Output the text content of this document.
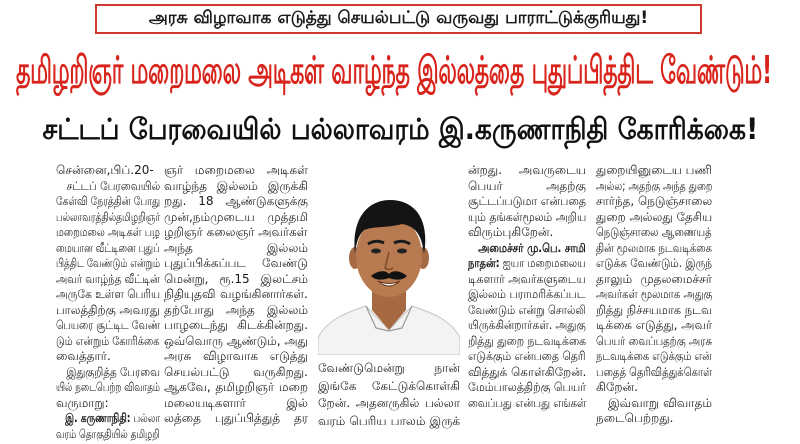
அரசு விழாவாக எடுத்து செயல்பட்டு வருவது பாராட்டுக்குரியது!
தமிழறிஞர் மறைமலை அடிகள் வாழ்ந்த இல்லத்தை புதுப்பித்திட வேண்டும்!
சட்டப் பேரவையில் பல்லாவரம் இ.கருணாநிதி கோரிக்கை!
சென்னை,பிப்.20-
சட்டப் பேரவையில்
கேள்வி நேரத்தின் போது
பல்லாவரத்தில்தமிழறிஞர்
மறைமலை அடிகள் பழ
மையான வீட்டினை புதுப்
பித்திட வேண்டும் என்றும்
அவர் வாழ்ந்த வீட்டின்
அருகே உள்ள பெரிய
பாலத்திற்கு அவரது
பெயரை சூட்டிட வேண்
டும் என்றும் கோரிக்கை
வைத்தார்.
இதுகுறித்த பேரவை
யில் நடைபெற்ற விவாதம்
வருமாறு:
இ. கருணாநிதி: பல்லா
வரம் தொகுதியில் தமிழறி
ஞர் மறைமலை அடிகள்
வாழ்ந்த இல்லம் இருக்கி
றது. 18 ஆண்டுகளுக்கு
முன்,நம்முடைய முத்தமி
ழறிஞர் கலைஞர் அவர்கள்
அந்த இல்லம்
புதுப்பிக்கப்பட வேண்டு
மென்று, ரூ.15 இலட்சம்
நிதியுதவி வழங்கினார்கள்.
தற்போது அந்த இல்லம்
பாழடைந்து கிடக்கின்றது.
ஒவ்வொரு ஆண்டும், அது
அரசு விழாவாக எடுத்து
செயல்பட்டு வருகிறது.
ஆகவே, தமிழறிஞர் மறை
மலையடிகளார் இல்
லத்தை புதுப்பித்துத் தர
வேண்டுமென்று நான்
இங்கே கேட்டுக்கொள்கி
றேன். அதனருகில் பல்லா
வரம் பெரிய பாலம் இருக்
ன்றது. அவருடைய
பெயர் அதற்கு
சூட்டப்படுமா என்பதை
யும் தங்கள்மூலம் அறிய
விரும்புகிறேன்.
அமைச்சர் மு.பெ. சாமி
நாதன்: ஐயா மறைமலைய
டிகளார் அவர்களுடைய
இல்லம் பராமரிக்கப்பட
வேண்டும் என்று சொல்லி
யிருக்கின்றார்கள். அதுகு
றித்து துறை நடவடிக்கை
எடுக்கும் என்பதை தெரி
வித்துக் கொள்கிறேன்.
மேம்பாலத்திற்கு பெயர்
வைப்பது என்பது எங்கள்
துறையினுடைய பணி
அல்ல; அதற்கு அந்த துறை
சார்ந்த, நெடுஞ்சாலை
துறை அல்லது தேசிய
நெடுஞ்சாலை ஆணையத்
தின் மூலமாக நடவடிக்கை
எடுக்க வேண்டும். இருந்
தாலும் முதலமைச்சர்
அவர்கள் மூலமாக அதுகு
றித்து நிச்சயமாக நடவ
டிக்கை எடுத்து, அவர்
பெயர் வைப்பதற்கு அரசு
நடவடிக்கை எடுக்கும் என்
பதைத் தெரிவித்துக்கொள்
கிறேன்.
இவ்வாறு விவாதம்
நடைபெற்றது.
